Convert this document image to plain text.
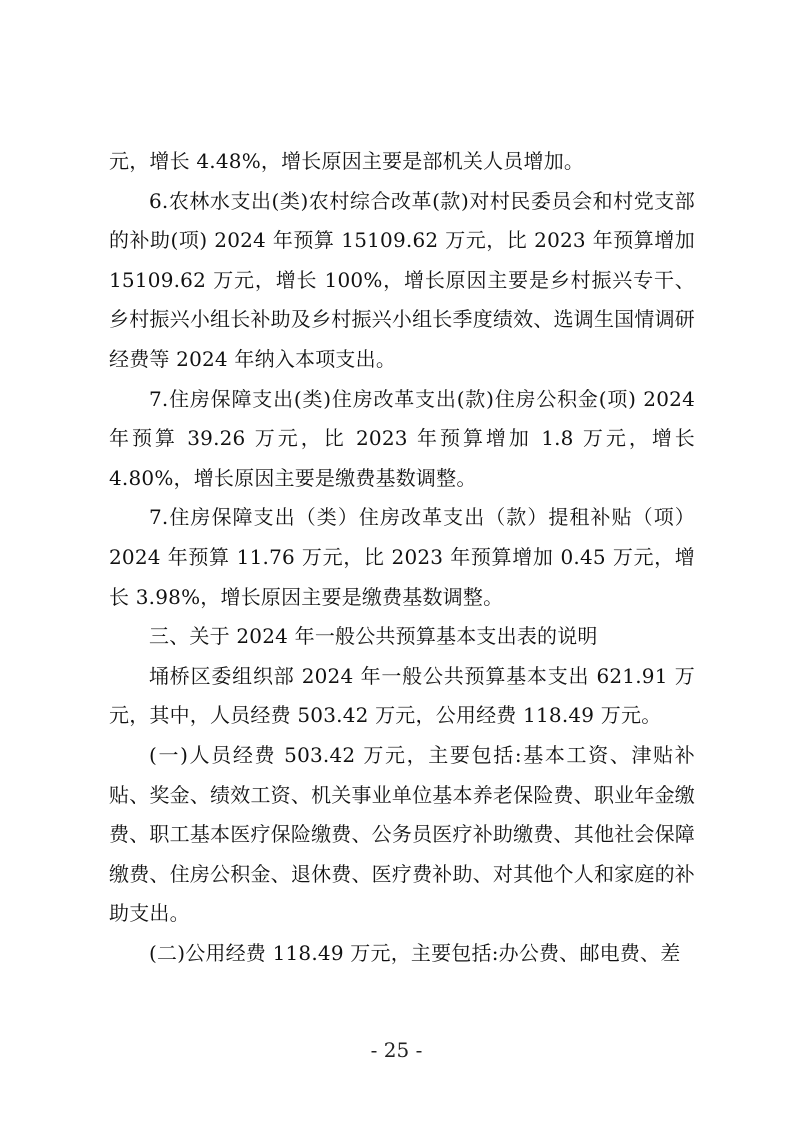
元，增长 4.48%，增长原因主要是部机关人员增加。

6.农林水支出(类)农村综合改革(款)对村民委员会和村党支部的补助(项) 2024 年预算 15109.62 万元，比 2023 年预算增加 15109.62 万元，增长 100%，增长原因主要是乡村振兴专干、乡村振兴小组长补助及乡村振兴小组长季度绩效、选调生国情调研经费等 2024 年纳入本项支出。

7.住房保障支出(类)住房改革支出(款)住房公积金(项) 2024 年预算 39.26 万元，比 2023 年预算增加 1.8 万元，增长 4.80%，增长原因主要是缴费基数调整。

7.住房保障支出（类）住房改革支出（款）提租补贴（项）2024 年预算 11.76 万元，比 2023 年预算增加 0.45 万元，增长 3.98%，增长原因主要是缴费基数调整。

三、关于 2024 年一般公共预算基本支出表的说明

埇桥区委组织部 2024 年一般公共预算基本支出 621.91 万元，其中，人员经费 503.42 万元，公用经费 118.49 万元。

(一)人员经费 503.42 万元，主要包括:基本工资、津贴补贴、奖金、绩效工资、机关事业单位基本养老保险费、职业年金缴费、职工基本医疗保险缴费、公务员医疗补助缴费、其他社会保障缴费、住房公积金、退休费、医疗费补助、对其他个人和家庭的补助支出。

(二)公用经费 118.49 万元，主要包括:办公费、邮电费、差

- 25 -
